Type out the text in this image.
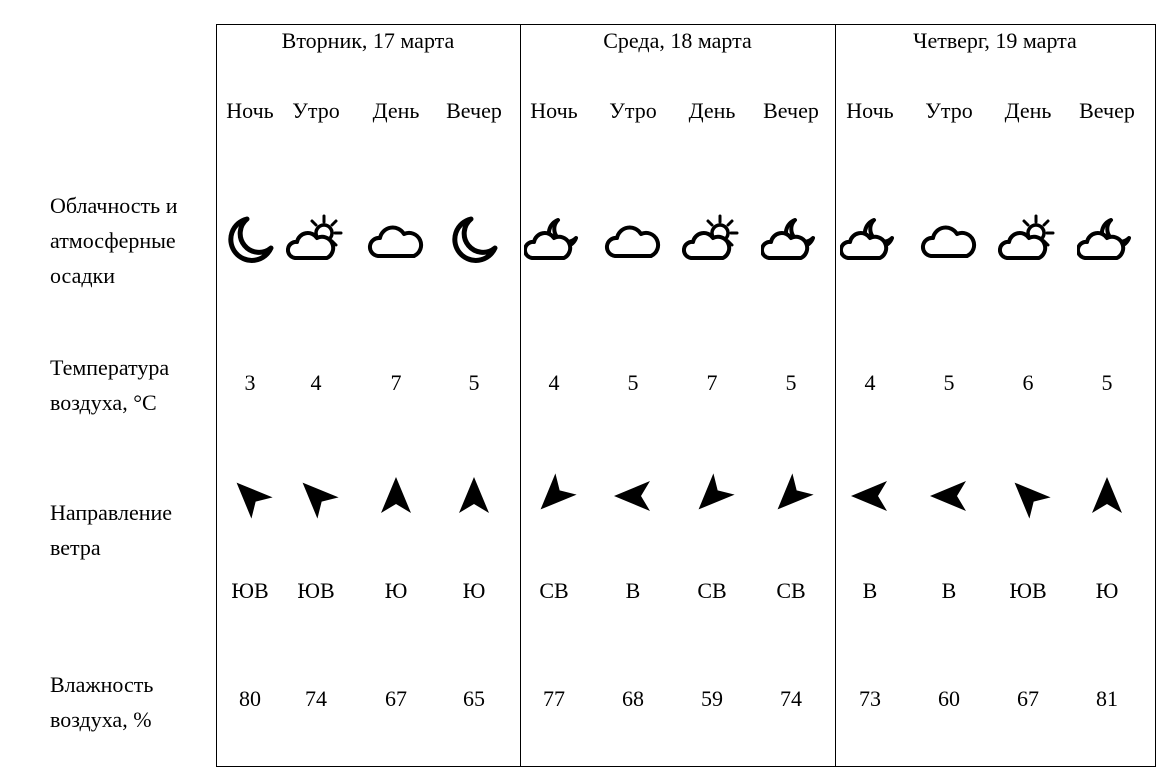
Вторник, 17 марта	Среда, 18 марта	Четверг, 19 марта
Облачность и
атмосферные
осадки
Температура
воздуха, °С
Направление
ветра
Влажность
воздуха, %
Ночь
3
ЮВ
80
Утро
4
ЮВ
74
День
7
Ю
67
Вечер
5
Ю
65
Ночь
4
СВ
77
Утро
5
В
68
День
7
СВ
59
Вечер
5
СВ
74
Ночь
4
В
73
Утро
5
В
60
День
6
ЮВ
67
Вечер
5
Ю
81
